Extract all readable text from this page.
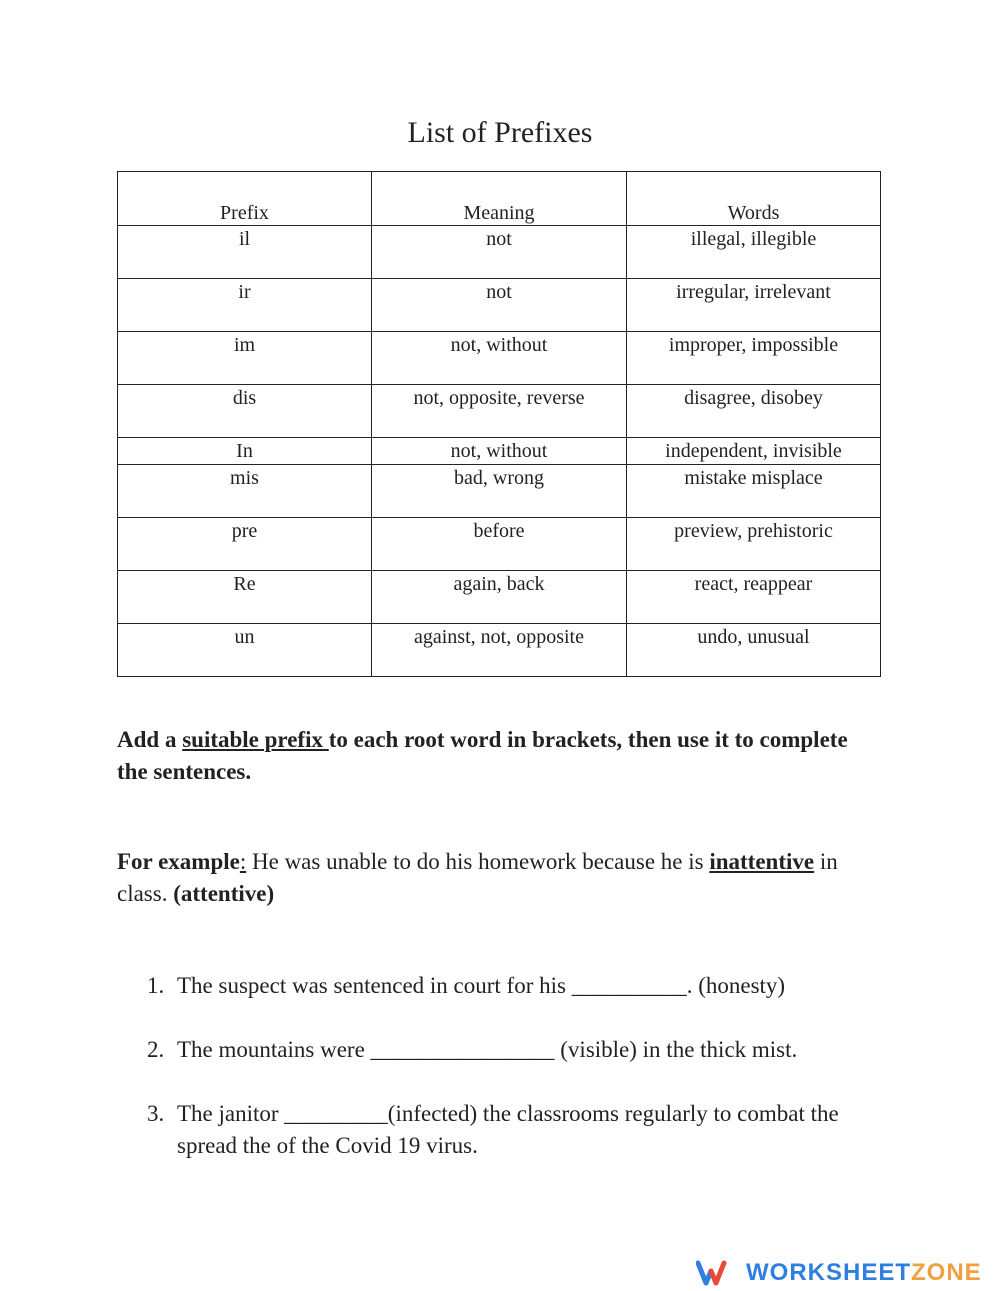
List of Prefixes
Prefix	Meaning	Words
il	not	illegal, illegible
ir	not	irregular, irrelevant
im	not, without	improper, impossible
dis	not, opposite, reverse	disagree, disobey
In	not, without	independent, invisible
mis	bad, wrong	mistake misplace
pre	before	preview, prehistoric
Re	again, back	react, reappear
un	against, not, opposite	undo, unusual
Add a suitable prefix to each root word in brackets, then use it to complete the sentences.
For example: He was unable to do his homework because he is inattentive in class. (attentive)
1. The suspect was sentenced in court for his __________. (honesty)
2. The mountains were ________________ (visible) in the thick mist.
3. The janitor _________(infected) the classrooms regularly to combat the spread the of the Covid 19 virus.
WORKSHEETZONE
